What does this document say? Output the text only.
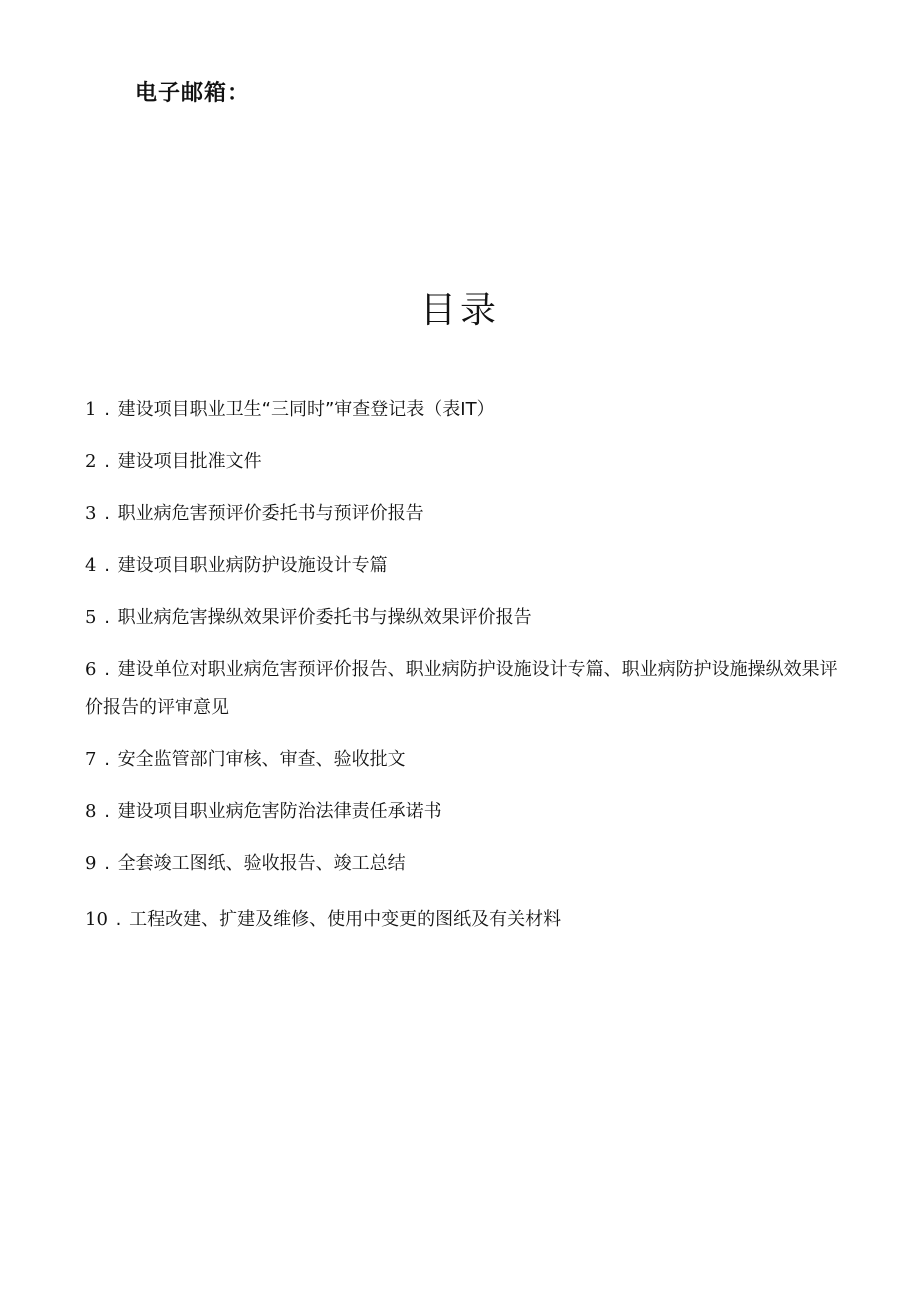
电子邮箱：
目录
1 . 建设项目职业卫生“三同时”审查登记表（表IT）
2 . 建设项目批准文件
3 . 职业病危害预评价委托书与预评价报告
4 . 建设项目职业病防护设施设计专篇
5 . 职业病危害操纵效果评价委托书与操纵效果评价报告
6 . 建设单位对职业病危害预评价报告、职业病防护设施设计专篇、职业病防护设施操纵效果评价报告的评审意见
7 . 安全监管部门审核、审查、验收批文
8 . 建设项目职业病危害防治法律责任承诺书
9 . 全套竣工图纸、验收报告、竣工总结
10 . 工程改建、扩建及维修、使用中变更的图纸及有关材料
